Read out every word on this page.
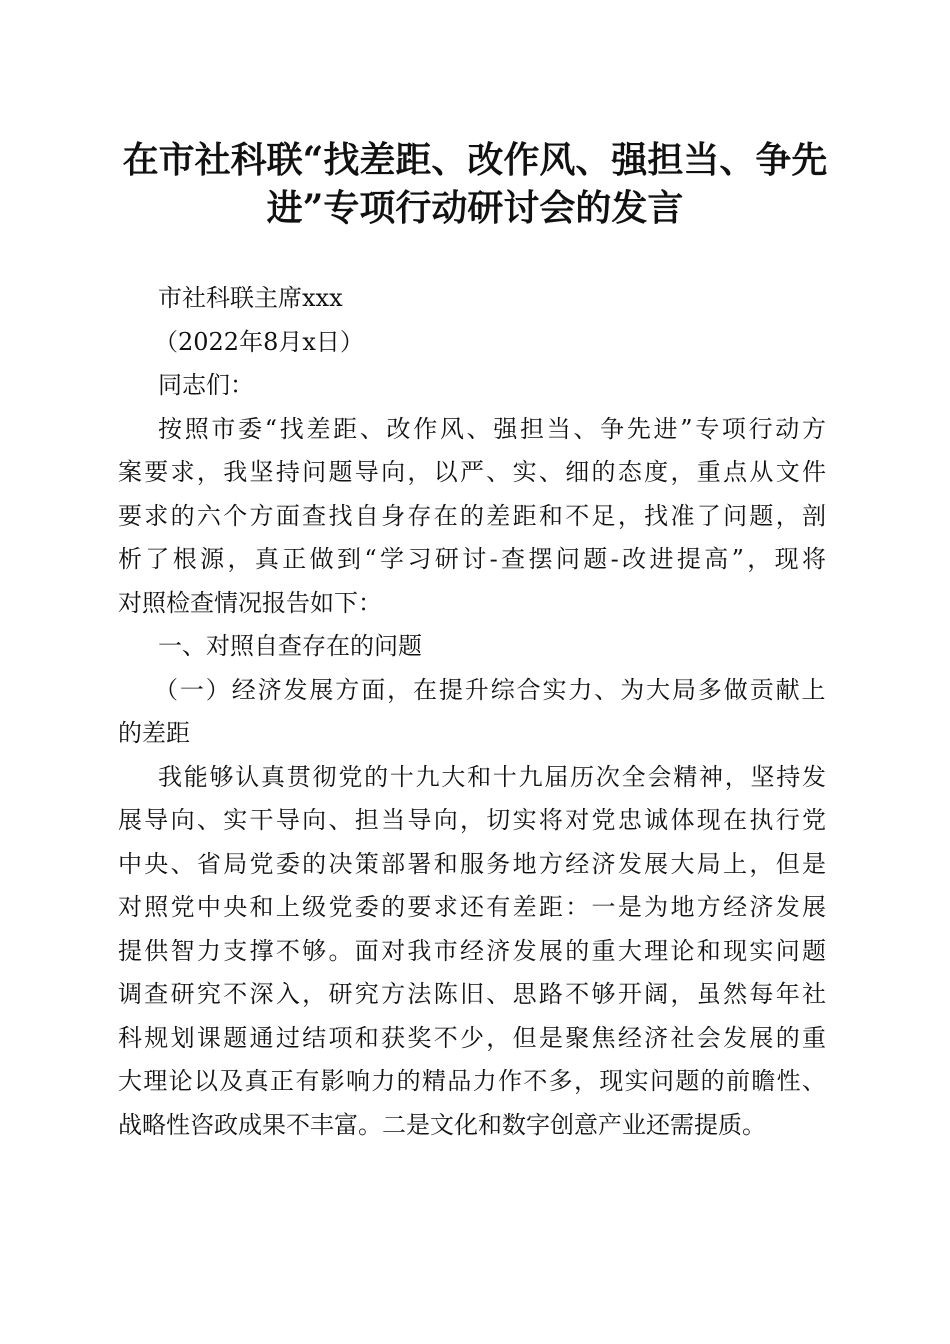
在市社科联“找差距、改作风、强担当、争先
进”专项行动研讨会的发言
市社科联主席xxx
（2022年8月x日）
同志们：
按照市委“找差距、改作风、强担当、争先进”专项行动方
案要求，我坚持问题导向，以严、实、细的态度，重点从文件
要求的六个方面查找自身存在的差距和不足，找准了问题，剖
析了根源，真正做到“学习研讨-查摆问题-改进提高”，现将
对照检查情况报告如下：
一、对照自查存在的问题
（一）经济发展方面，在提升综合实力、为大局多做贡献上
的差距
我能够认真贯彻党的十九大和十九届历次全会精神，坚持发
展导向、实干导向、担当导向，切实将对党忠诚体现在执行党
中央、省局党委的决策部署和服务地方经济发展大局上，但是
对照党中央和上级党委的要求还有差距：一是为地方经济发展
提供智力支撑不够。面对我市经济发展的重大理论和现实问题
调查研究不深入，研究方法陈旧、思路不够开阔，虽然每年社
科规划课题通过结项和获奖不少，但是聚焦经济社会发展的重
大理论以及真正有影响力的精品力作不多，现实问题的前瞻性、
战略性咨政成果不丰富。二是文化和数字创意产业还需提质。
